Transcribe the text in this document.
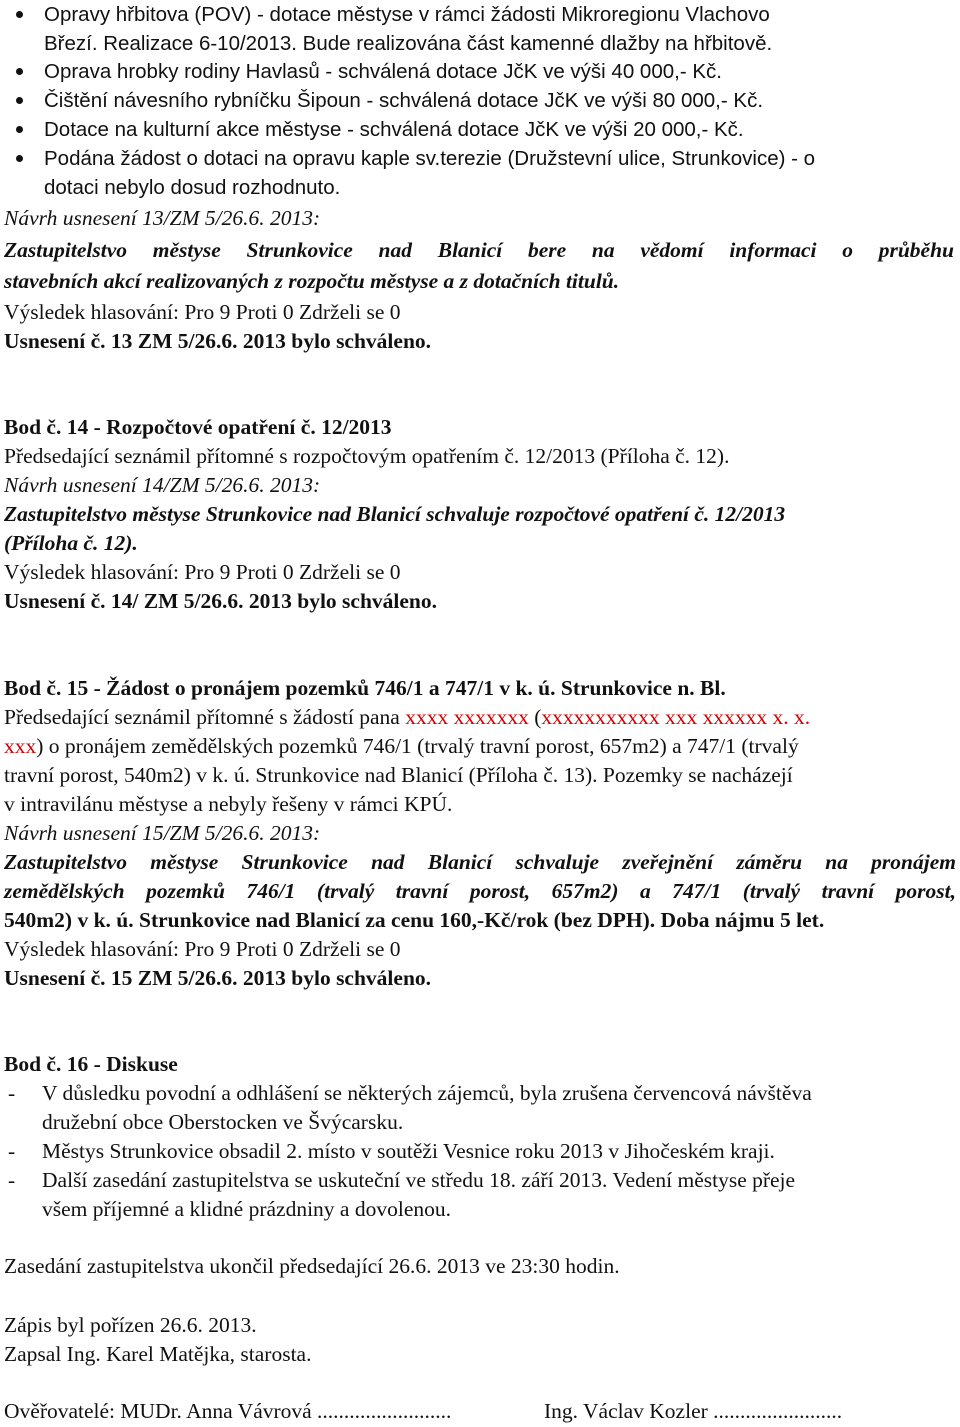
Opravy hřbitova (POV) - dotace městyse v rámci žádosti Mikroregionu Vlachovo
Březí. Realizace 6-10/2013. Bude realizována část kamenné dlažby na hřbitově.
Oprava hrobky rodiny Havlasů - schválená dotace JčK ve výši 40 000,- Kč.
Čištění návesního rybníčku Šipoun - schválená dotace JčK ve výši 80 000,- Kč.
Dotace na kulturní akce městyse - schválená dotace JčK ve výši 20 000,- Kč.
Podána žádost o dotaci na opravu kaple sv.terezie (Družstevní ulice, Strunkovice) - o
dotaci nebylo dosud rozhodnuto.
Návrh usnesení 13/ZM 5/26.6. 2013:
Zastupitelstvo městyse Strunkovice nad Blanicí bere na vědomí informaci o průběhu
stavebních akcí realizovaných z rozpočtu městyse a z dotačních titulů.
Výsledek hlasování: Pro 9 Proti 0 Zdrželi se 0
Usnesení č. 13 ZM 5/26.6. 2013 bylo schváleno.
Bod č. 14 - Rozpočtové opatření č. 12/2013
Předsedající seznámil přítomné s rozpočtovým opatřením č. 12/2013 (Příloha č. 12).
Návrh usnesení 14/ZM 5/26.6. 2013:
Zastupitelstvo městyse Strunkovice nad Blanicí schvaluje rozpočtové opatření č. 12/2013
(Příloha č. 12).
Výsledek hlasování: Pro 9 Proti 0 Zdrželi se 0
Usnesení č. 14/ ZM 5/26.6. 2013 bylo schváleno.
Bod č. 15 - Žádost o pronájem pozemků 746/1 a 747/1 v k. ú. Strunkovice n. Bl.
Předsedající seznámil přítomné s žádostí pana xxxx xxxxxxx (xxxxxxxxxxx xxx xxxxxx x. x.
xxx) o pronájem zemědělských pozemků 746/1 (trvalý travní porost, 657m2) a 747/1 (trvalý
travní porost, 540m2) v k. ú. Strunkovice nad Blanicí (Příloha č. 13). Pozemky se nacházejí
v intravilánu městyse a nebyly řešeny v rámci KPÚ.
Návrh usnesení 15/ZM 5/26.6. 2013:
Zastupitelstvo městyse Strunkovice nad Blanicí schvaluje zveřejnění záměru na pronájem
zemědělských pozemků 746/1 (trvalý travní porost, 657m2) a 747/1 (trvalý travní porost,
540m2) v k. ú. Strunkovice nad Blanicí za cenu 160,-Kč/rok (bez DPH). Doba nájmu 5 let.
Výsledek hlasování: Pro 9 Proti 0 Zdrželi se 0
Usnesení č. 15 ZM 5/26.6. 2013 bylo schváleno.
Bod č. 16 - Diskuse
- V důsledku povodní a odhlášení se některých zájemců, byla zrušena červencová návštěva
družební obce Oberstocken ve Švýcarsku.
- Městys Strunkovice obsadil 2. místo v soutěži Vesnice roku 2013 v Jihočeském kraji.
- Další zasedání zastupitelstva se uskuteční ve středu 18. září 2013. Vedení městyse přeje
všem příjemné a klidné prázdniny a dovolenou.
Zasedání zastupitelstva ukončil předsedající 26.6. 2013 ve 23:30 hodin.
Zápis byl pořízen 26.6. 2013.
Zapsal Ing. Karel Matějka, starosta.
Ověřovatelé: MUDr. Anna Vávrová .........................	Ing. Václav Kozler ........................
